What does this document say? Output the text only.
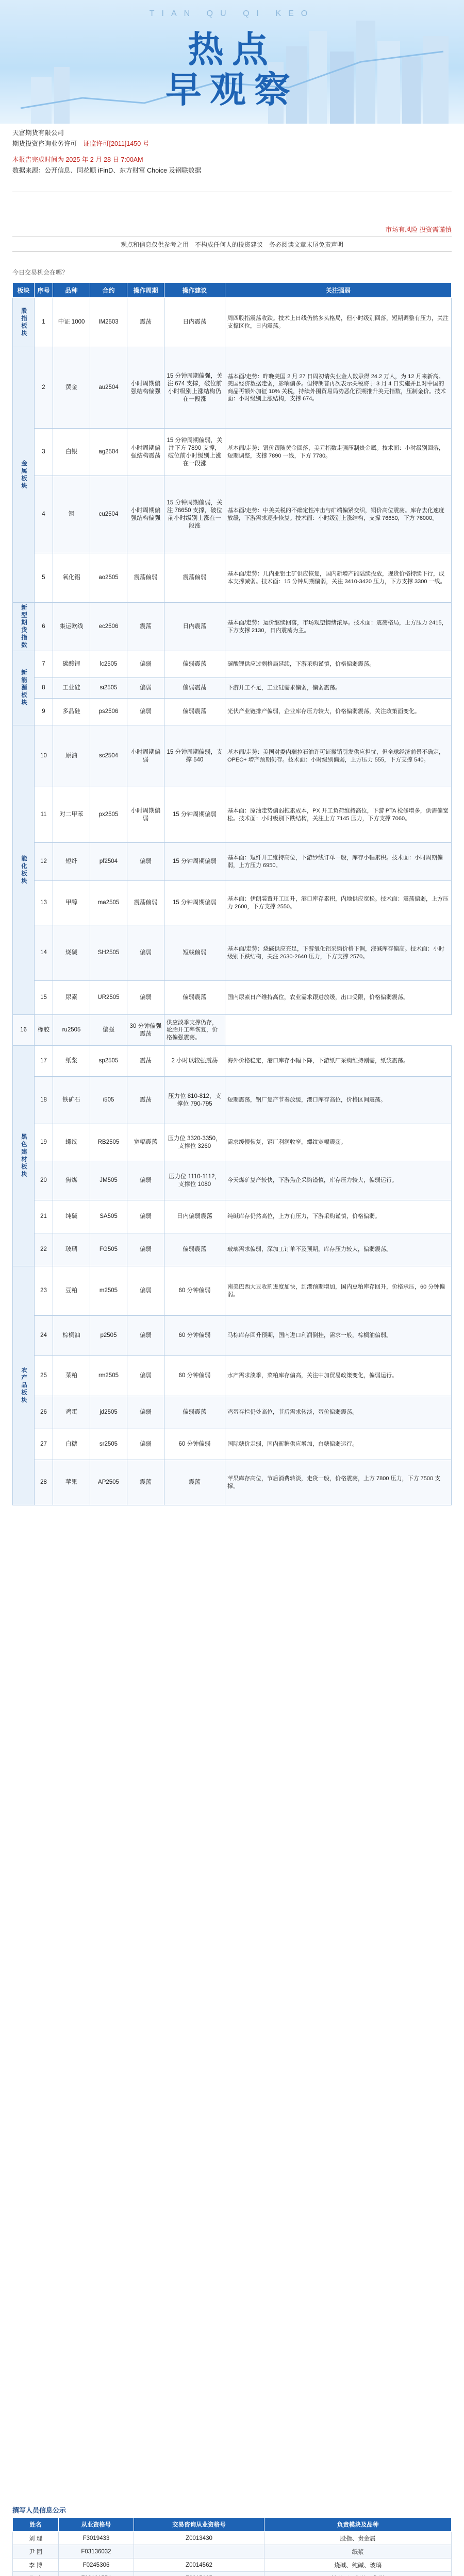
TIAN QU QI KEO
热点
早观察
天富期货有限公司
期货投资咨询业务许可　 证监许可[2011]1450 号
本报告完成时间为 2025 年 2 月 28 日 7:00AM
数据来源：公开信息、同花顺 iFinD、东方财富 Choice 及钢联数据
市场有风险 投资需谨慎
观点和信息仅供参考之用　不构成任何人的投资建议　务必阅读文章末尾免责声明
今日交易机会在哪？
板块	序号	品种	合约	操作周期	操作建议	关注强弱
股指板块	1	中证 1000	IM2503	震荡	日内震荡	周四股指震荡收跌。技术上日线仍然多头格局，但小时级别回落，短期调整有压力，关注支撑区位，日内震荡。
金属板块	2	黄金	au2504	小时周期偏强结构偏强	15 分钟周期偏强，关注 674 支撑，破位前小时级别上涨结构仍在一段涨	基本面/走势：昨晚美国 2 月 27 日周初请失业金人数录得 24.2 万人，为 12 月来新高。美国经济数据走弱，影响偏多。但特朗普再次表示关税将于 3 月 4 日实施并且对中国的商品再额外加征 10% 关税，持续外围贸易局势恶化预期推升美元指数，压制金价。技术面：小时级别上涨结构，支撑 674。
	3	白银	ag2504	小时周期偏强结构震荡	15 分钟周期偏弱，关注下方 7890 支撑，破位前小时级别上涨在一段涨	基本面/走势：银价跟随黄金回落，美元指数走强压制贵金属。技术面：小时级别回落，短期调整，支撑 7890 一线，下方 7780。
	4	铜	cu2504	小时周期偏强结构偏强	15 分钟周期偏弱，关注 76650 支撑，破位前小时级别上涨在一段涨	基本面/走势：中美关税的不确定性冲击与矿端偏紧交织，铜价高位震荡。库存去化速度放缓，下游需求逐步恢复。技术面：小时级别上涨结构，支撑 76650，下方 76000。
	5	氧化铝	ao2505	震荡偏弱	震荡偏弱	基本面/走势：几内亚铝土矿供应恢复，国内新增产能陆续投放，现货价格持续下行，成本支撑减弱。技术面：15 分钟周期偏弱，关注 3410-3420 压力，下方支撑 3300 一线。
新型期货指数	6	集运欧线	ec2506	震荡	日内震荡	基本面/走势：运价继续回落，市场观望情绪浓厚。技术面：震荡格局，上方压力 2415，下方支撑 2130，日内震荡为主。
新能源板块	7	碳酸锂	lc2505	偏弱	偏弱震荡	碳酸锂供应过剩格局延续，下游采购谨慎，价格偏弱震荡。
	8	工业硅	si2505	偏弱	偏弱震荡	下游开工不足，工业硅需求偏弱，偏弱震荡。
	9	多晶硅	ps2506	偏弱	偏弱震荡	光伏产业链排产偏弱，企业库存压力较大，价格偏弱震荡，关注政策面变化。
能化板块	10	原油	sc2504	小时周期偏弱	15 分钟周期偏弱，支撑 540	基本面/走势：美国对委内瑞拉石油许可证撤销引发供应担忧，但全球经济前景不确定，OPEC+ 增产预期仍存。技术面：小时级别偏弱，上方压力 555，下方支撑 540。
	11	对二甲苯	px2505	小时周期偏弱	15 分钟周期偏弱	基本面：原油走势偏弱拖累成本，PX 开工负荷维持高位，下游 PTA 检修增多，供需偏宽松。技术面：小时级别下跌结构，关注上方 7145 压力，下方支撑 7060。
	12	短纤	pf2504	偏弱	15 分钟周期偏弱	基本面：短纤开工维持高位，下游纱线订单一般，库存小幅累积。技术面：小时周期偏弱，上方压力 6950。
	13	甲醇	ma2505	震荡偏弱	15 分钟周期偏弱	基本面：伊朗装置开工回升，港口库存累积，内地供应宽松。技术面：震荡偏弱，上方压力 2600，下方支撑 2550。
	14	烧碱	SH2505	偏弱	短线偏弱	基本面/走势：烧碱供应充足，下游氧化铝采购价格下调，液碱库存偏高。技术面：小时级别下跌结构，关注 2630-2640 压力，下方支撑 2570。
	15	尿素	UR2505	偏弱	偏弱震荡	国内尿素日产维持高位，农业需求跟进放缓，出口受限，价格偏弱震荡。
16	橡胶	ru2505	偏强	30 分钟偏强震荡	供应淡季支撑仍存，轮胎开工率恢复，价格偏强震荡。	
黑色建材板块	17	纸浆	sp2505	震荡	2 小时以较强震荡	海外价格稳定，港口库存小幅下降，下游纸厂采购维持刚需，纸浆震荡。
	18	铁矿石	i505	震荡	压力位 810-812，支撑位 790-795	短期震荡，钢厂复产节奏放缓，港口库存高位，价格区间震荡。
	19	螺纹	RB2505	宽幅震荡	压力位 3320-3350，支撑位 3260	需求缓慢恢复，钢厂利润收窄，螺纹宽幅震荡。
	20	焦煤	JM505	偏弱	压力位 1110-1112，支撑位 1080	今天煤矿复产较快，下游焦企采购谨慎，库存压力较大，偏弱运行。
	21	纯碱	SA505	偏弱	日内偏弱震荡	纯碱库存仍然高位，上方有压力，下游采购谨慎，价格偏弱。
	22	玻璃	FG505	偏弱	偏弱震荡	玻璃需求偏弱，深加工订单不及预期，库存压力较大，偏弱震荡。
农产品板块	23	豆粕	m2505	偏弱	60 分钟偏弱	南美巴西大豆收割进度加快，到港预期增加，国内豆粕库存回升，价格承压，60 分钟偏弱。
	24	棕榈油	p2505	偏弱	60 分钟偏弱	马棕库存回升预期，国内进口利润倒挂，需求一般，棕榈油偏弱。
	25	菜粕	rm2505	偏弱	60 分钟偏弱	水产需求淡季，菜粕库存偏高，关注中加贸易政策变化，偏弱运行。
	26	鸡蛋	jd2505	偏弱	偏弱震荡	鸡蛋存栏仍处高位，节后需求转淡，蛋价偏弱震荡。
	27	白糖	sr2505	偏弱	60 分钟偏弱	国际糖价走弱，国内新糖供应增加，白糖偏弱运行。
	28	苹果	AP2505	震荡	震荡	苹果库存高位，节后消费转淡，走货一般，价格震荡，上方 7800 压力，下方 7500 支撑。
撰写人员信息公示
姓名	从业资格号	交易咨询从业资格号	负责模块及品种
刘 理	F3019433	Z0013430	股指、贵金属
尹 园	F03136032		纸浆
李 博	F0245306	Z0014562	烧碱、纯碱、玻璃
